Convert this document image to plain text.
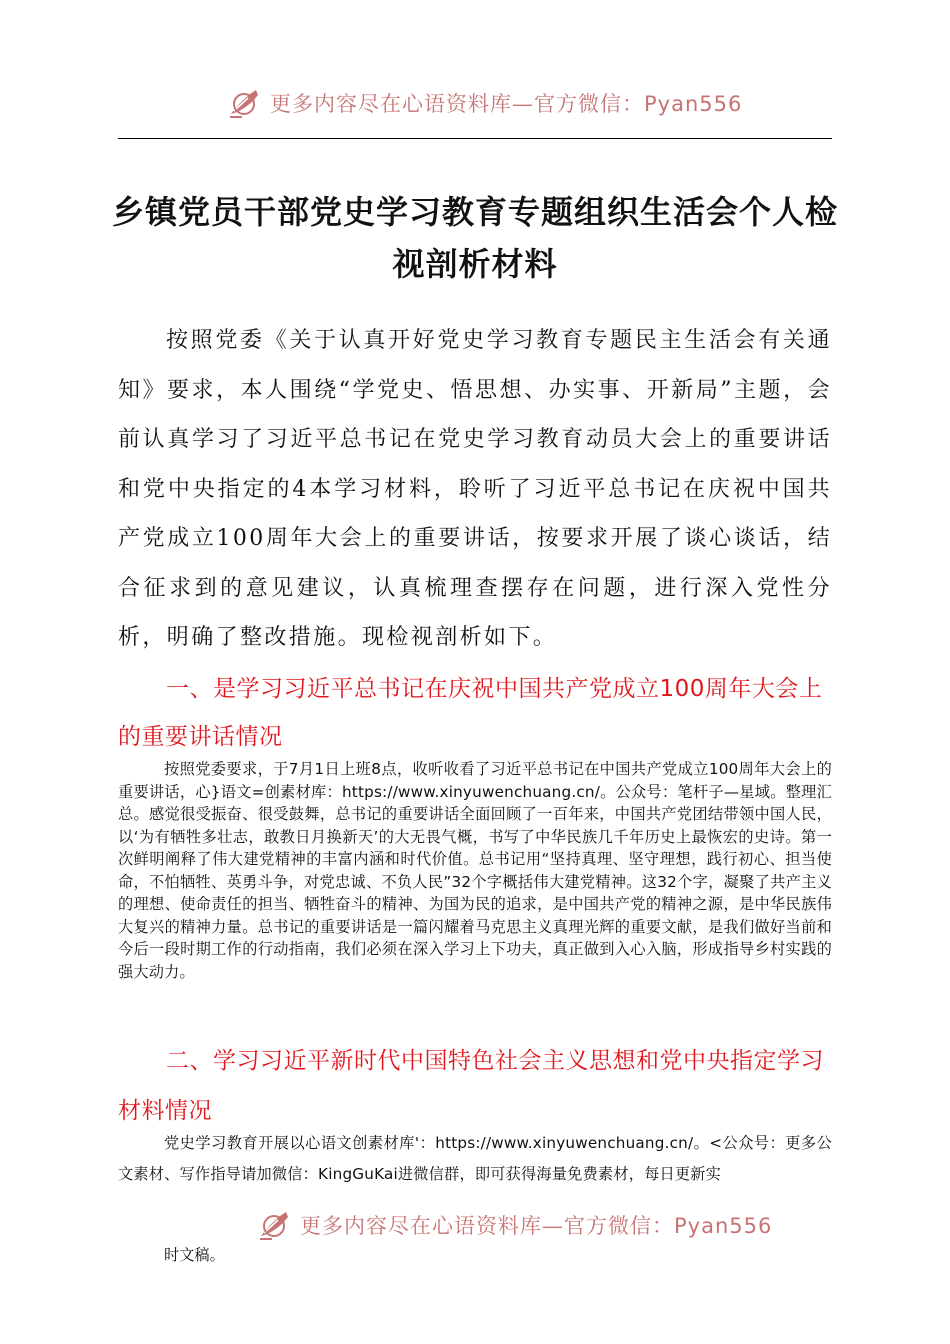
更多内容尽在心语资料库—官方微信：Pyan556
乡镇党员干部党史学习教育专题组织生活会个人检视剖析材料

按照党委《关于认真开好党史学习教育专题民主生活会有关通知》要求，本人围绕“学党史、悟思想、办实事、开新局”主题，会前认真学习了习近平总书记在党史学习教育动员大会上的重要讲话和党中央指定的4本学习材料，聆听了习近平总书记在庆祝中国共产党成立100周年大会上的重要讲话，按要求开展了谈心谈话，结合征求到的意见建议，认真梳理查摆存在问题，进行深入党性分析，明确了整改措施。现检视剖析如下。

一、是学习习近平总书记在庆祝中国共产党成立100周年大会上的重要讲话情况

按照党委要求，于7月1日上班8点，收听收看了习近平总书记在中国共产党成立100周年大会上的重要讲话，心}语文=创素材库：https://www.xinyuwenchuang.cn/。公众号：笔杆子—星域。整理汇总。感觉很受振奋、很受鼓舞，总书记的重要讲话全面回顾了一百年来，中国共产党团结带领中国人民，以‘为有牺牲多壮志，敢教日月换新天’的大无畏气概，书写了中华民族几千年历史上最恢宏的史诗。第一次鲜明阐释了伟大建党精神的丰富内涵和时代价值。总书记用“坚持真理、坚守理想，践行初心、担当使命，不怕牺牲、英勇斗争，对党忠诚、不负人民”32个字概括伟大建党精神。这32个字，凝聚了共产主义的理想、使命责任的担当、牺牲奋斗的精神、为国为民的追求，是中国共产党的精神之源，是中华民族伟大复兴的精神力量。总书记的重要讲话是一篇闪耀着马克思主义真理光辉的重要文献，是我们做好当前和今后一段时期工作的行动指南，我们必须在深入学习上下功夫，真正做到入心入脑，形成指导乡村实践的强大动力。

二、学习习近平新时代中国特色社会主义思想和党中央指定学习材料情况

党史学习教育开展以心语文创素材库'：https://www.xinyuwenchuang.cn/。<公众号：更多公文素材、写作指导请加微信：KingGuKai进微信群，即可获得海量免费素材，每日更新实

更多内容尽在心语资料库—官方微信：Pyan556

时文稿。
